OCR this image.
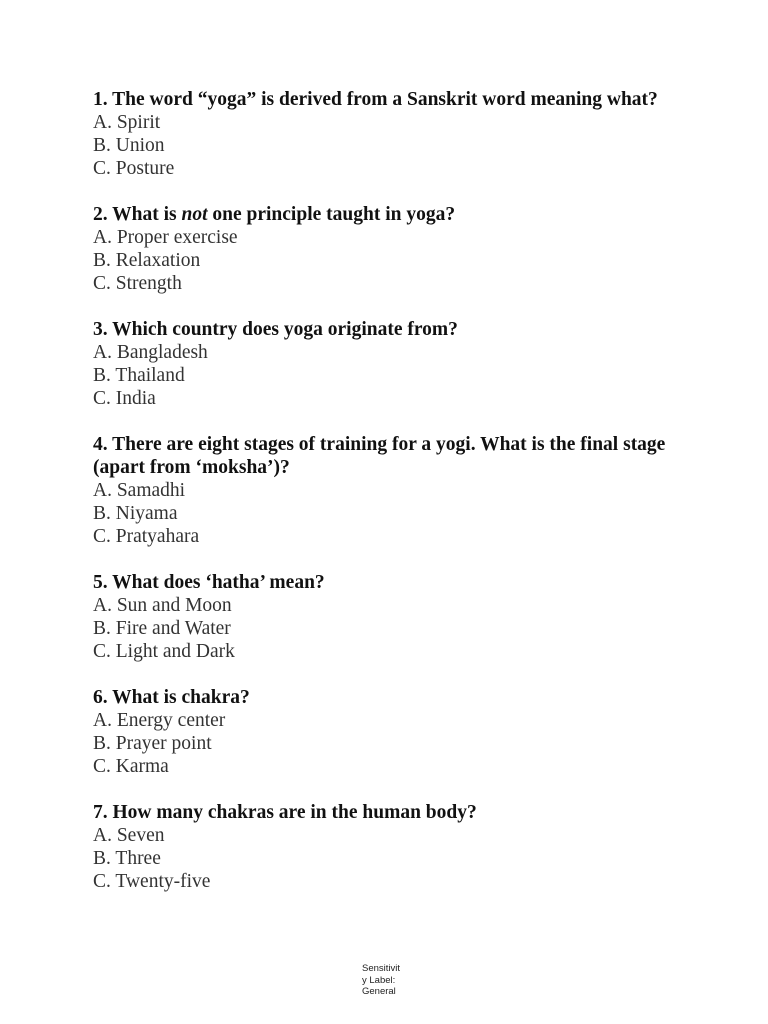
1. The word “yoga” is derived from a Sanskrit word meaning what?

A. Spirit

B. Union

C. Posture

2. What is not one principle taught in yoga?

A. Proper exercise

B. Relaxation

C. Strength

3. Which country does yoga originate from?

A. Bangladesh

B. Thailand

C. India

4. There are eight stages of training for a yogi. What is the final stage (apart from ‘moksha’)?

A. Samadhi

B. Niyama

C. Pratyahara

5. What does ‘hatha’ mean?

A. Sun and Moon

B. Fire and Water

C. Light and Dark

6. What is chakra?

A. Energy center

B. Prayer point

C. Karma

7. How many chakras are in the human body?

A. Seven

B. Three

C. Twenty-five

Sensitivit
y Label:
General
